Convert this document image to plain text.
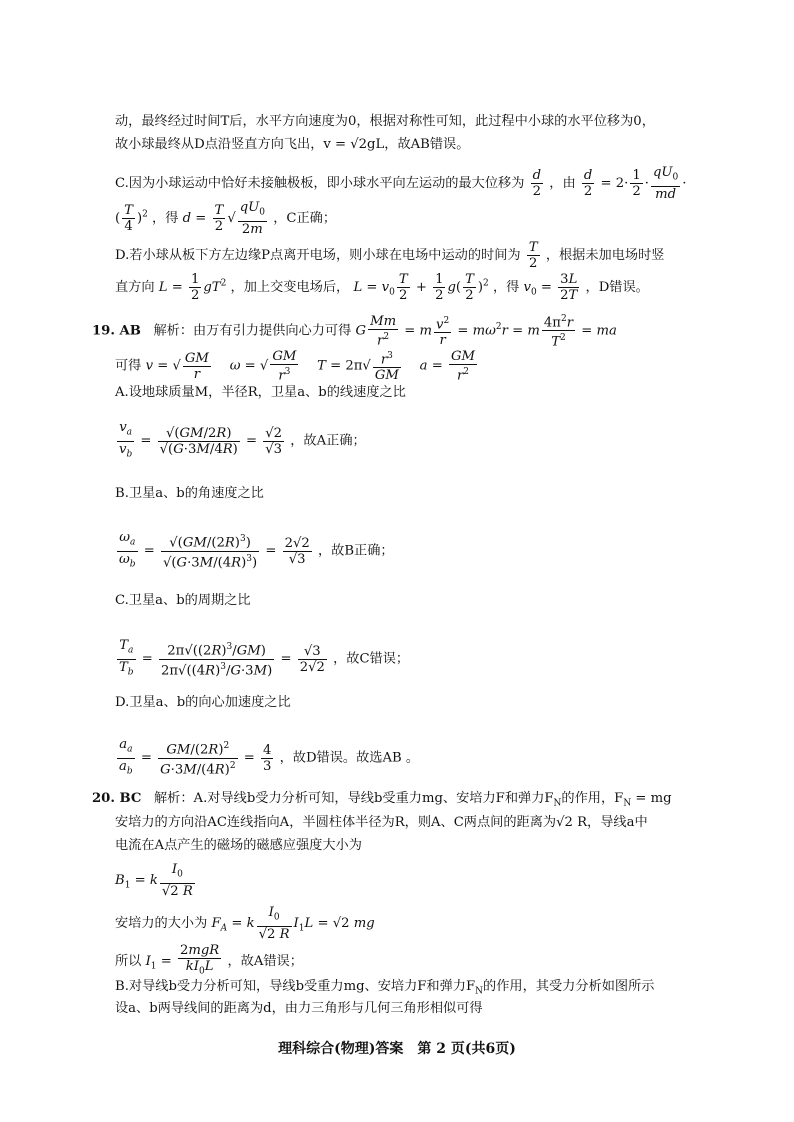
动，最终经过时间T后，水平方向速度为0，根据对称性可知，此过程中小球的水平位移为0，
故小球最终从D点沿竖直方向飞出，v = √2gL，故AB错误。
C.因为小球运动中恰好未接触极板，即小球水平向左运动的最大位移为 $\frac{d}{2}$ ，由 $\frac{d}{2} = 2\cdot \frac{1}{2} \cdot \frac{qU_0}{md}$ ·
( $\frac{T}{4} )^2$ ，得 $d = \frac{T}{2}$ √ $\frac{qU_0}{2m}$ ，C正确；
D.若小球从板下方左边缘P点离开电场，则小球在电场中运动的时间为 $\frac{T}{2}$ ，根据未加电场时竖
直方向 $L = \frac{1}{2} gT^2$ ，加上交变电场后， $L = v_0 \frac{T}{2} + \frac{1}{2} g( \frac{T}{2} )^2$ ，得 $v_0 = \frac{3L}{2T}$ ，D错误。
19. AB 解析：由万有引力提供向心力可得 G $\frac{Mm}{r^2} = m \frac{v^2}{r} = m\omega^2r = m \frac{4\pi^2r}{T^2}$ = ma
可得 v = √ $\frac{GM}{r}$ ω = √ $\frac{GM}{r^3}$ $T = 2\pi√ \frac{r^3}{GM}$ $a = \frac{GM}{r^2}$
A.设地球质量M，半径R，卫星a、b的线速度之比
$\frac{v_a}{v_b} = \frac{√(GM/2R)}{√(G\cdot 3M/4R)} = \frac{√2}{√3}$ ，故A正确；
B.卫星a、b的角速度之比
$\frac{\omega_a}{\omega_b} = \frac{√(GM/(2R)^3)}{√(G\cdot 3M/(4R)^3)} = \frac{2√2}{√3}$ ，故B正确；
C.卫星a、b的周期之比
$\frac{T_a}{T_b} = \frac{2\pi√((2R)^3/GM)}{2\pi√((4R)^3/G\cdot 3M)} = \frac{√3}{2√2}$ ，故C错误；
D.卫星a、b的向心加速度之比
$\frac{a_a}{a_b} = \frac{GM/(2R)^2}{G\cdot 3M/(4R)^2} = \frac{4}{3}$ ，故D错误。故选AB 。
20. BC 解析：A.对导线b受力分析可知，导线b受重力mg、安培力F和弹力$F_N$的作用，$F_N$ = mg
安培力的方向沿AC连线指向A，半圆柱体半径为R，则A、C两点间的距离为√2 R，导线a中
电流在A点产生的磁场的磁感应强度大小为
$B_1 = k \frac{I_0}{√2 R}$
安培力的大小为 $F_A = k \frac{I_0}{√2 R} I_1L = √2$ mg
所以 $I_1 = \frac{\text{2mgR}}{kI_0L}$ ，故A错误；
B.对导线b受力分析可知，导线b受重力mg、安培力F和弹力$F_N$的作用，其受力分析如图所示
设a、b两导线间的距离为d，由力三角形与几何三角形相似可得
理科综合(物理)答案　第 2 页(共6页)
